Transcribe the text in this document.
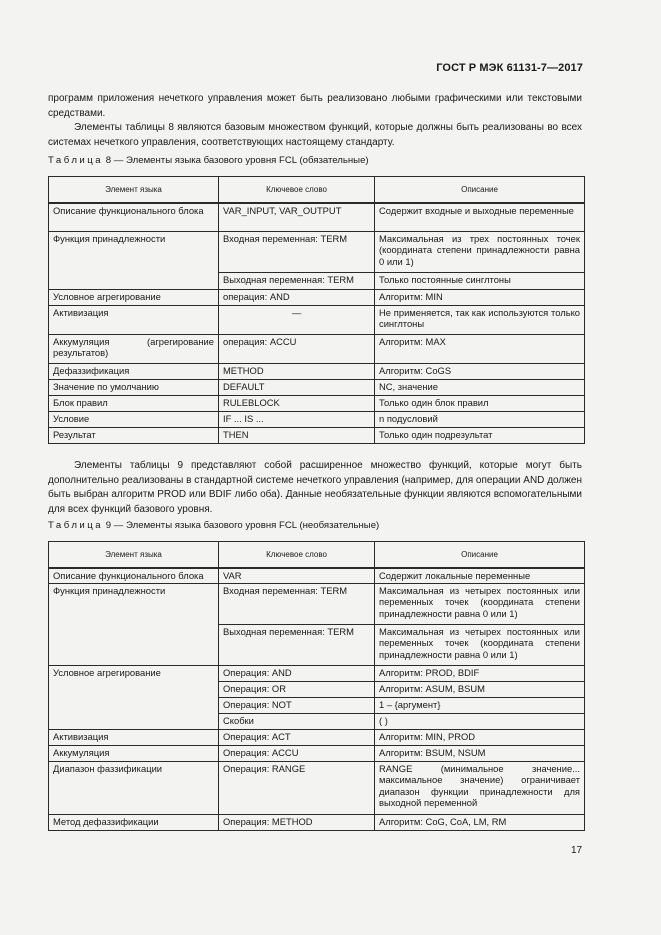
ГОСТ Р МЭК 61131-7—2017
программ приложения нечеткого управления может быть реализовано любыми графическими или текстовыми средствами.
Элементы таблицы 8 являются базовым множеством функций, которые должны быть реализованы во всех системах нечеткого управления, соответствующих настоящему стандарту.
Таблица 8 — Элементы языка базового уровня FCL (обязательные)
Элемент языка	Ключевое слово	Описание
Описание функционального блока	VAR_INPUT, VAR_OUTPUT	Содержит входные и выходные переменные
Функция принадлежности	Входная переменная: TERM	Максимальная из трех постоянных точек (координата степени принадлежности равна 0 или 1)
	Выходная переменная: TERM	Только постоянные синглтоны
Условное агрегирование	операция: AND	Алгоритм: MIN
Активизация	—	Не применяется, так как используются только синглтоны
Аккумуляция (агрегирование результатов)	операция: ACCU	Алгоритм: MAX
Дефаззификация	METHOD	Алгоритм: CoGS
Значение по умолчанию	DEFAULT	NC, значение
Блок правил	RULEBLOCK	Только один блок правил
Условие	IF ... IS ...	n подусловий
Результат	THEN	Только один подрезультат
Элементы таблицы 9 представляют собой расширенное множество функций, которые могут быть дополнительно реализованы в стандартной системе нечеткого управления (например, для операции AND должен быть выбран алгоритм PROD или BDIF либо оба). Данные необязательные функции являются вспомогательными для всех функций базового уровня.
Таблица 9 — Элементы языка базового уровня FCL (необязательные)
Элемент языка	Ключевое слово	Описание
Описание функционального блока	VAR	Содержит локальные переменные
Функция принадлежности	Входная переменная: TERM	Максимальная из четырех постоянных или переменных точек (координата степени принадлежности равна 0 или 1)
	Выходная переменная: TERM	Максимальная из четырех постоянных или переменных точек (координата степени принадлежности равна 0 или 1)
Условное агрегирование	Операция: AND	Алгоритм: PROD, BDIF
	Операция: OR	Алгоритм: ASUM, BSUM
	Операция: NOT	1 – {аргумент}
	Скобки	( )
Активизация	Операция: ACT	Алгоритм: MIN, PROD
Аккумуляция	Операция: ACCU	Алгоритм: BSUM, NSUM
Диапазон фаззификации	Операция: RANGE	RANGE (минимальное значение... максимальное значение) ограничивает диапазон функции принадлежности для выходной переменной
Метод дефаззификации	Операция: METHOD	Алгоритм: CoG, CoA, LM, RM
17
